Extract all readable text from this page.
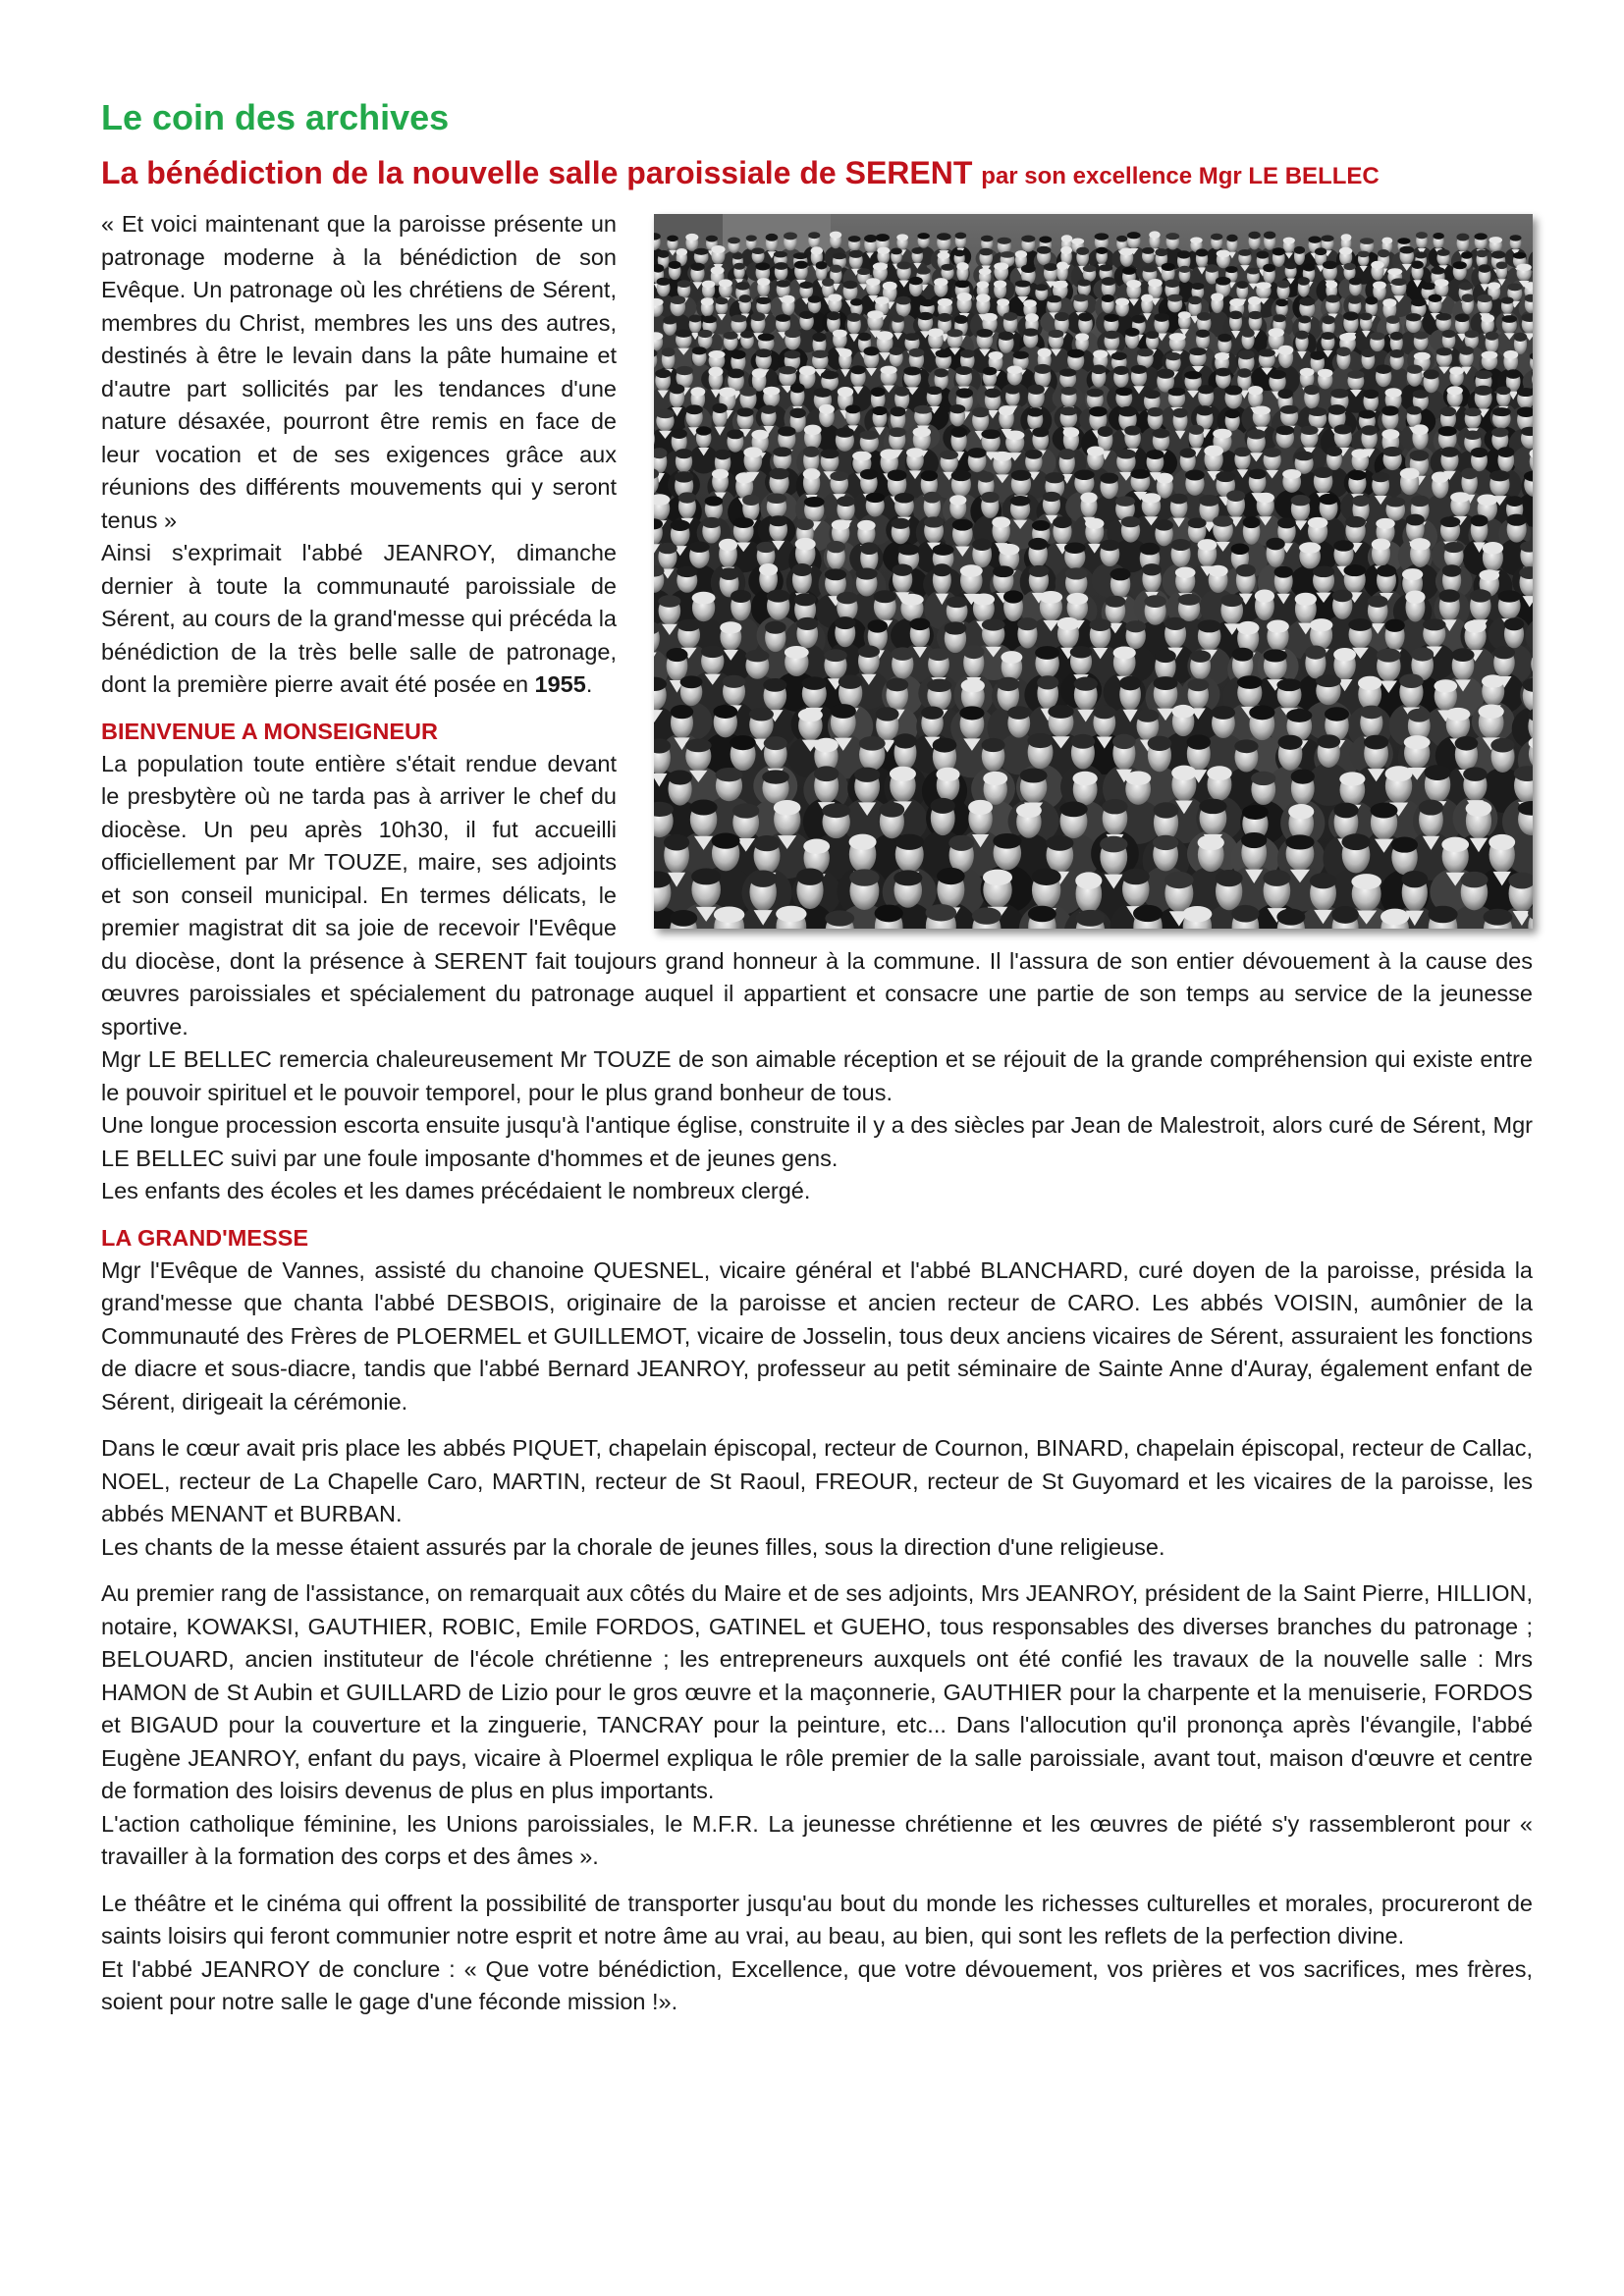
Le coin des archives
La bénédiction de la nouvelle salle paroissiale de SERENT par son excellence Mgr LE BELLEC

« Et voici maintenant que la paroisse présente un patronage moderne à la bénédiction de son Evêque. Un patronage où les chrétiens de Sérent, membres du Christ, membres les uns des autres, destinés à être le levain dans la pâte humaine et d'autre part sollicités par les tendances d'une nature désaxée, pourront être remis en face de leur vocation et de ses exigences grâce aux réunions des différents mouvements qui y seront tenus »

Ainsi s'exprimait l'abbé JEANROY, dimanche dernier à toute la communauté paroissiale de Sérent, au cours de la grand'messe qui précéda la bénédiction de la très belle salle de patronage, dont la première pierre avait été posée en 1955.

BIENVENUE A MONSEIGNEUR

La population toute entière s'était rendue devant le presbytère où ne tarda pas à arriver le chef du diocèse. Un peu après 10h30, il fut accueilli officiellement par Mr TOUZE, maire, ses adjoints et son conseil municipal. En termes délicats, le premier magistrat dit sa joie de recevoir l'Evêque du diocèse, dont la présence à SERENT fait toujours grand honneur à la commune. Il l'assura de son entier dévouement à la cause des œuvres paroissiales et spécialement du patronage auquel il appartient et consacre une partie de son temps au service de la jeunesse sportive.

Mgr LE BELLEC remercia chaleureusement Mr TOUZE de son aimable réception et se réjouit de la grande compréhension qui existe entre le pouvoir spirituel et le pouvoir temporel, pour le plus grand bonheur de tous.

Une longue procession escorta ensuite jusqu'à l'antique église, construite il y a des siècles par Jean de Malestroit, alors curé de Sérent, Mgr LE BELLEC suivi par une foule imposante d'hommes et de jeunes gens.

Les enfants des écoles et les dames précédaient le nombreux clergé.

LA GRAND'MESSE

Mgr l'Evêque de Vannes, assisté du chanoine QUESNEL, vicaire général et l'abbé BLANCHARD, curé doyen de la paroisse, présida la grand'messe que chanta l'abbé DESBOIS, originaire de la paroisse et ancien recteur de CARO. Les abbés VOISIN, aumônier de la Communauté des Frères de PLOERMEL et GUILLEMOT, vicaire de Josselin, tous deux anciens vicaires de Sérent, assuraient les fonctions de diacre et sous-diacre, tandis que l'abbé Bernard JEANROY, professeur au petit séminaire de Sainte Anne d'Auray, également enfant de Sérent, dirigeait la cérémonie.

Dans le cœur avait pris place les abbés PIQUET, chapelain épiscopal, recteur de Cournon, BINARD, chapelain épiscopal, recteur de Callac, NOEL, recteur de La Chapelle Caro, MARTIN, recteur de St Raoul, FREOUR, recteur de St Guyomard et les vicaires de la paroisse, les abbés MENANT et BURBAN.

Les chants de la messe étaient assurés par la chorale de jeunes filles, sous la direction d'une religieuse.

Au premier rang de l'assistance, on remarquait aux côtés du Maire et de ses adjoints, Mrs JEANROY, président de la Saint Pierre, HILLION, notaire, KOWAKSI, GAUTHIER, ROBIC, Emile FORDOS, GATINEL et GUEHO, tous responsables des diverses branches du patronage ; BELOUARD, ancien instituteur de l'école chrétienne ; les entrepreneurs auxquels ont été confié les travaux de la nouvelle salle : Mrs HAMON de St Aubin et GUILLARD de Lizio pour le gros œuvre et la maçonnerie, GAUTHIER pour la charpente et la menuiserie, FORDOS et BIGAUD pour la couverture et la zinguerie, TANCRAY pour la peinture, etc... Dans l'allocution qu'il prononça après l'évangile, l'abbé Eugène JEANROY, enfant du pays, vicaire à Ploermel expliqua le rôle premier de la salle paroissiale, avant tout, maison d'œuvre et centre de formation des loisirs devenus de plus en plus importants.

L'action catholique féminine, les Unions paroissiales, le M.F.R. La jeunesse chrétienne et les œuvres de piété s'y rassembleront pour « travailler à la formation des corps et des âmes ».

Le théâtre et le cinéma qui offrent la possibilité de transporter jusqu'au bout du monde les richesses culturelles et morales, procureront de saints loisirs qui feront communier notre esprit et notre âme au vrai, au beau, au bien, qui sont les reflets de la perfection divine.

Et l'abbé JEANROY de conclure : « Que votre bénédiction, Excellence, que votre dévouement, vos prières et vos sacrifices, mes frères, soient pour notre salle le gage d'une féconde mission !».
